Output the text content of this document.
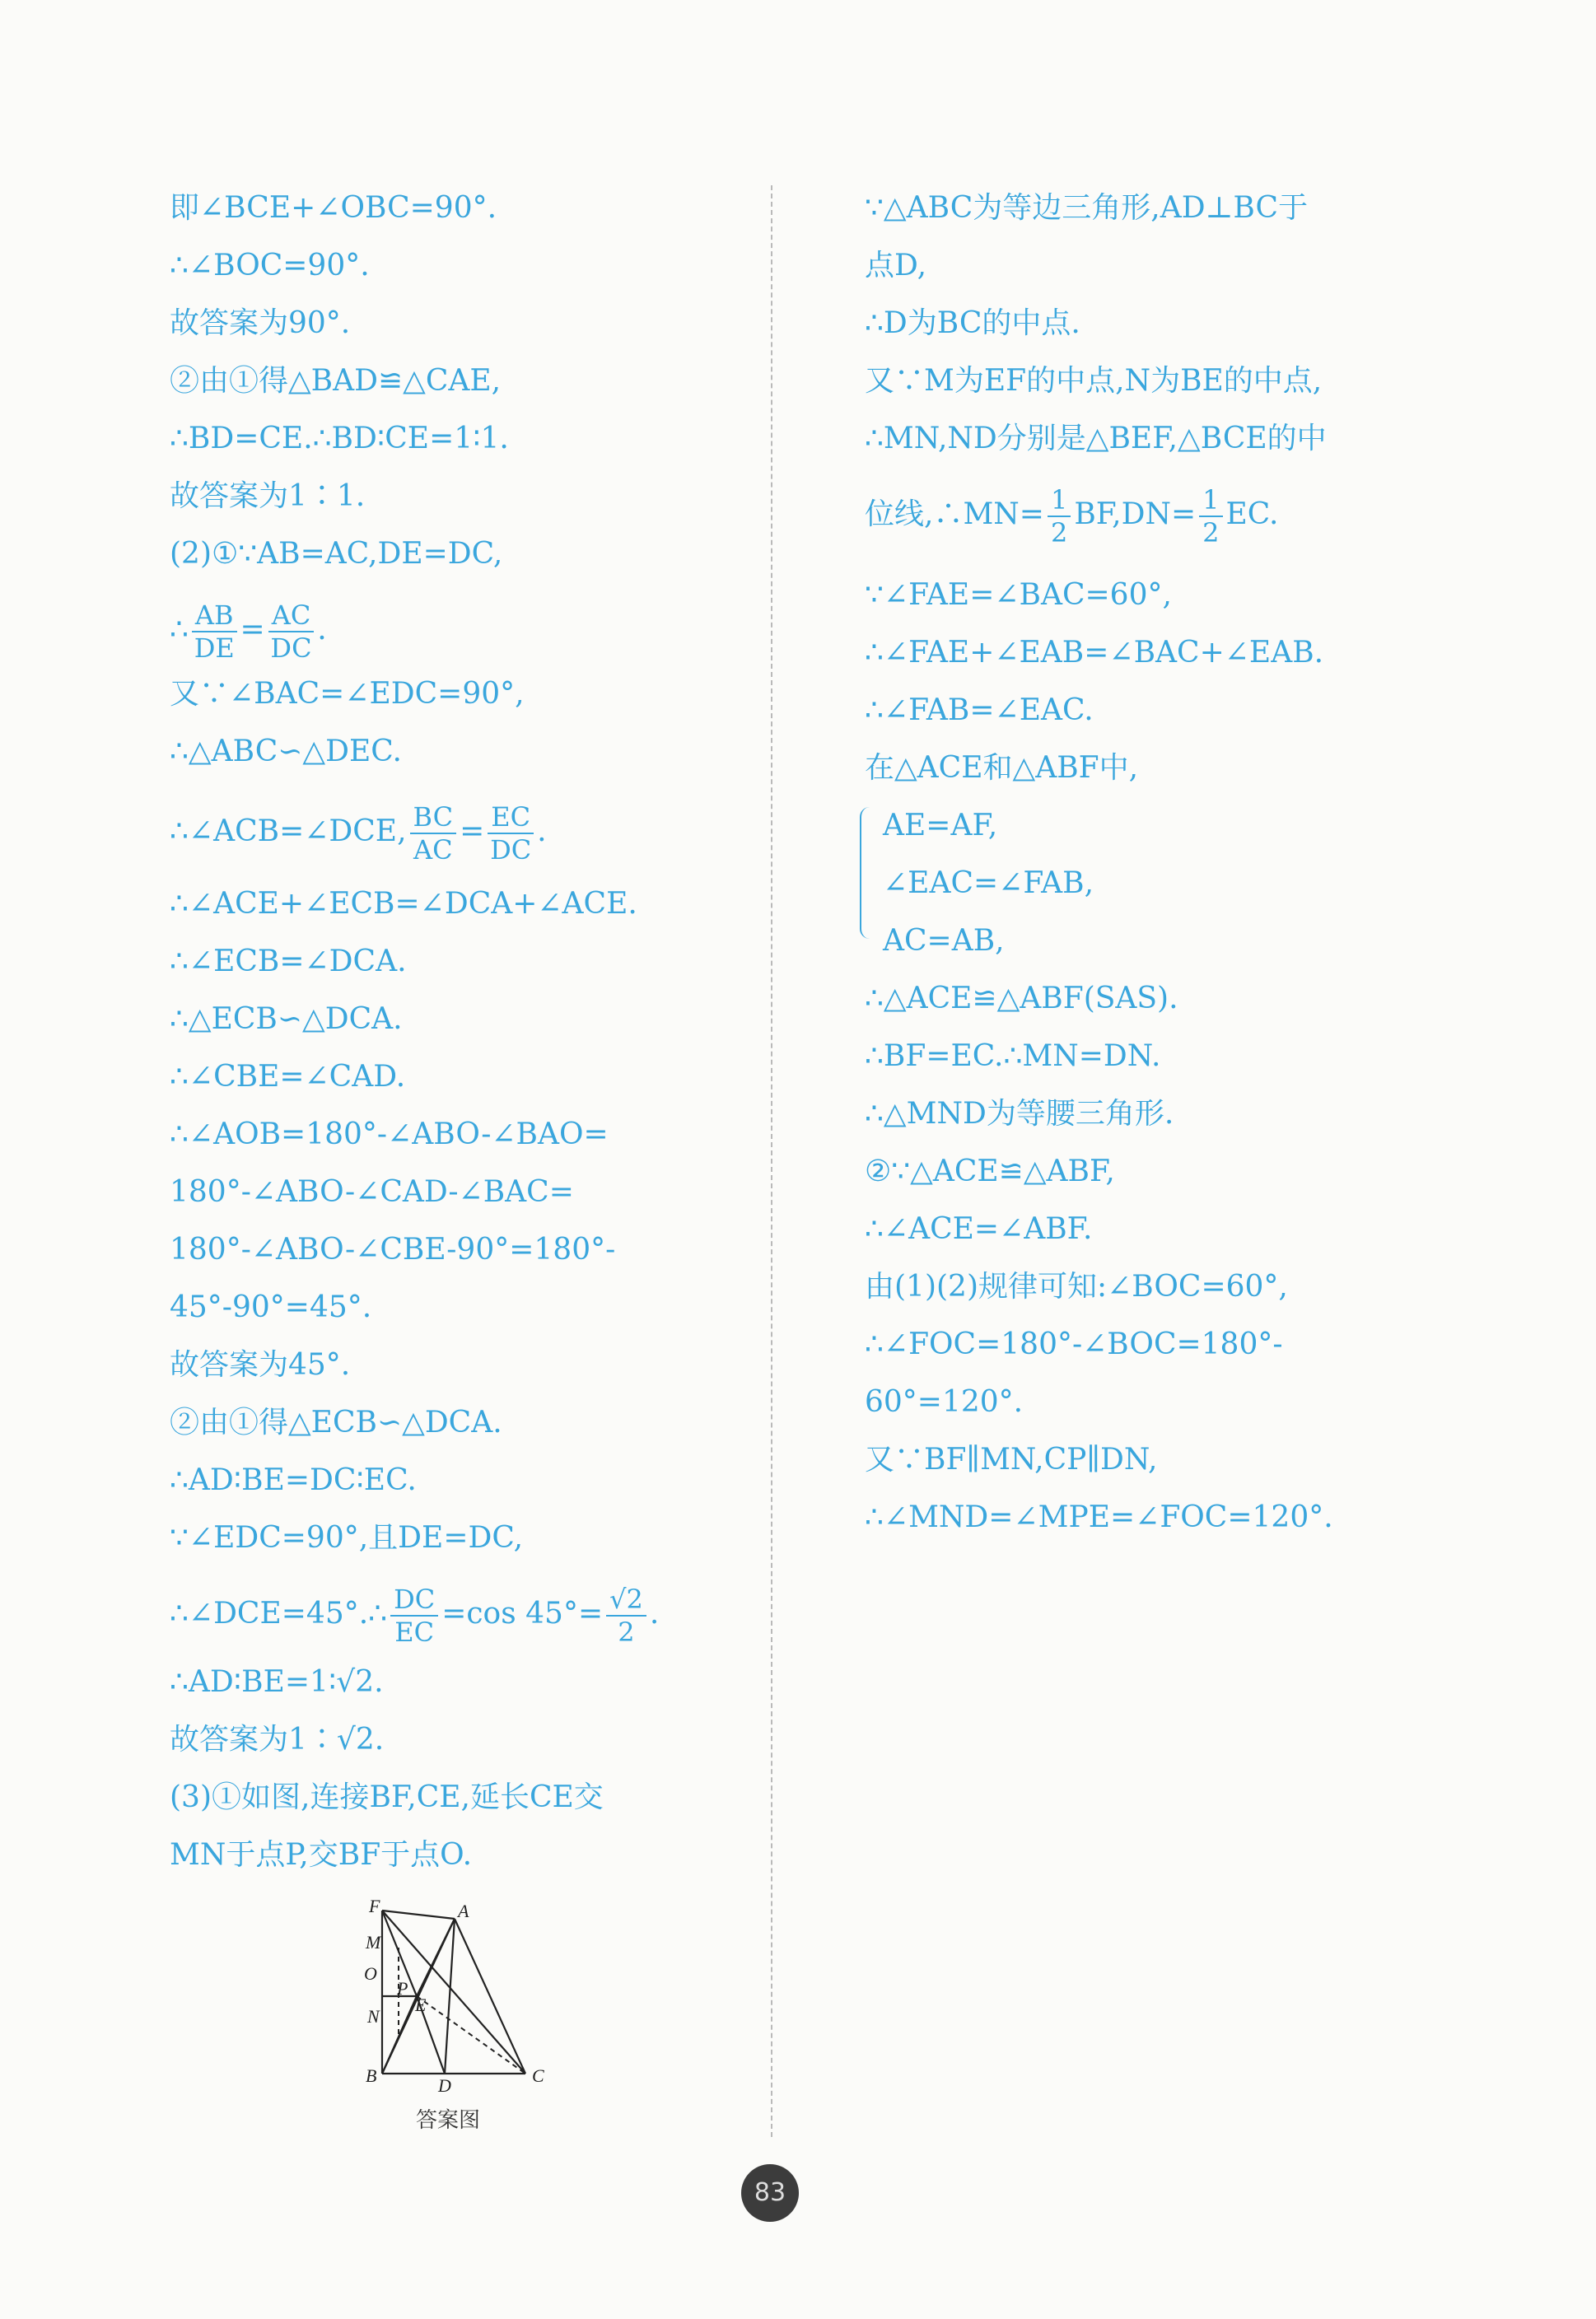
即∠BCE+∠OBC=90°.
∴∠BOC=90°.
故答案为90°.
②由①得△BAD≌△CAE,
∴BD=CE.∴BD∶CE=1∶1.
故答案为1∶1.
(2)①∵AB=AC,DE=DC,
∴ $\frac{AB}{DE} = \frac{AC}{DC}$ .
又∵∠BAC=∠EDC=90°,
∴△ABC∽△DEC.
∴∠ACB=∠DCE, $\frac{BC}{AC} = \frac{EC}{DC}$ .
∴∠ACE+∠ECB=∠DCA+∠ACE.
∴∠ECB=∠DCA.
∴△ECB∽△DCA.
∴∠CBE=∠CAD.
∴∠AOB=180°-∠ABO-∠BAO=
180°-∠ABO-∠CAD-∠BAC=
180°-∠ABO-∠CBE-90°=180°-
45°-90°=45°.
故答案为45°.
②由①得△ECB∽△DCA.
∴AD∶BE=DC∶EC.
∵∠EDC=90°,且DE=DC,
∴∠DCE=45°.∴ $\frac{DC}{EC} =\cos$ $45^\circ= \frac{√2}{2}$ .
∴AD∶BE=1∶√2.
故答案为1∶√2.
(3)①如图,连接BF,CE,延长CE交
MN于点P,交BF于点O.
∵△ABC为等边三角形,AD⊥BC于
点D,
∴D为BC的中点.
又∵M为EF的中点,N为BE的中点,
∴MN,ND分别是△BEF,△BCE的中
位线,∴MN= $\frac{1}{2} BF,DN= \frac{1}{2}$ EC.
∵∠FAE=∠BAC=60°,
∴∠FAE+∠EAB=∠BAC+∠EAB.
∴∠FAB=∠EAC.
在△ACE和△ABF中,
AE=AF,
∠EAC=∠FAB,
AC=AB,
∴△ACE≌△ABF(SAS).
∴BF=EC.∴MN=DN.
∴△MND为等腰三角形.
②∵△ACE≌△ABF,
∴∠ACE=∠ABF.
由(1)(2)规律可知:∠BOC=60°,
∴∠FOC=180°-∠BOC=180°-
60°=120°.
又∵BF∥MN,CP∥DN,
∴∠MND=∠MPE=∠FOC=120°.
F	A
M
O
P
E
N
B	D	C
答案图
83
